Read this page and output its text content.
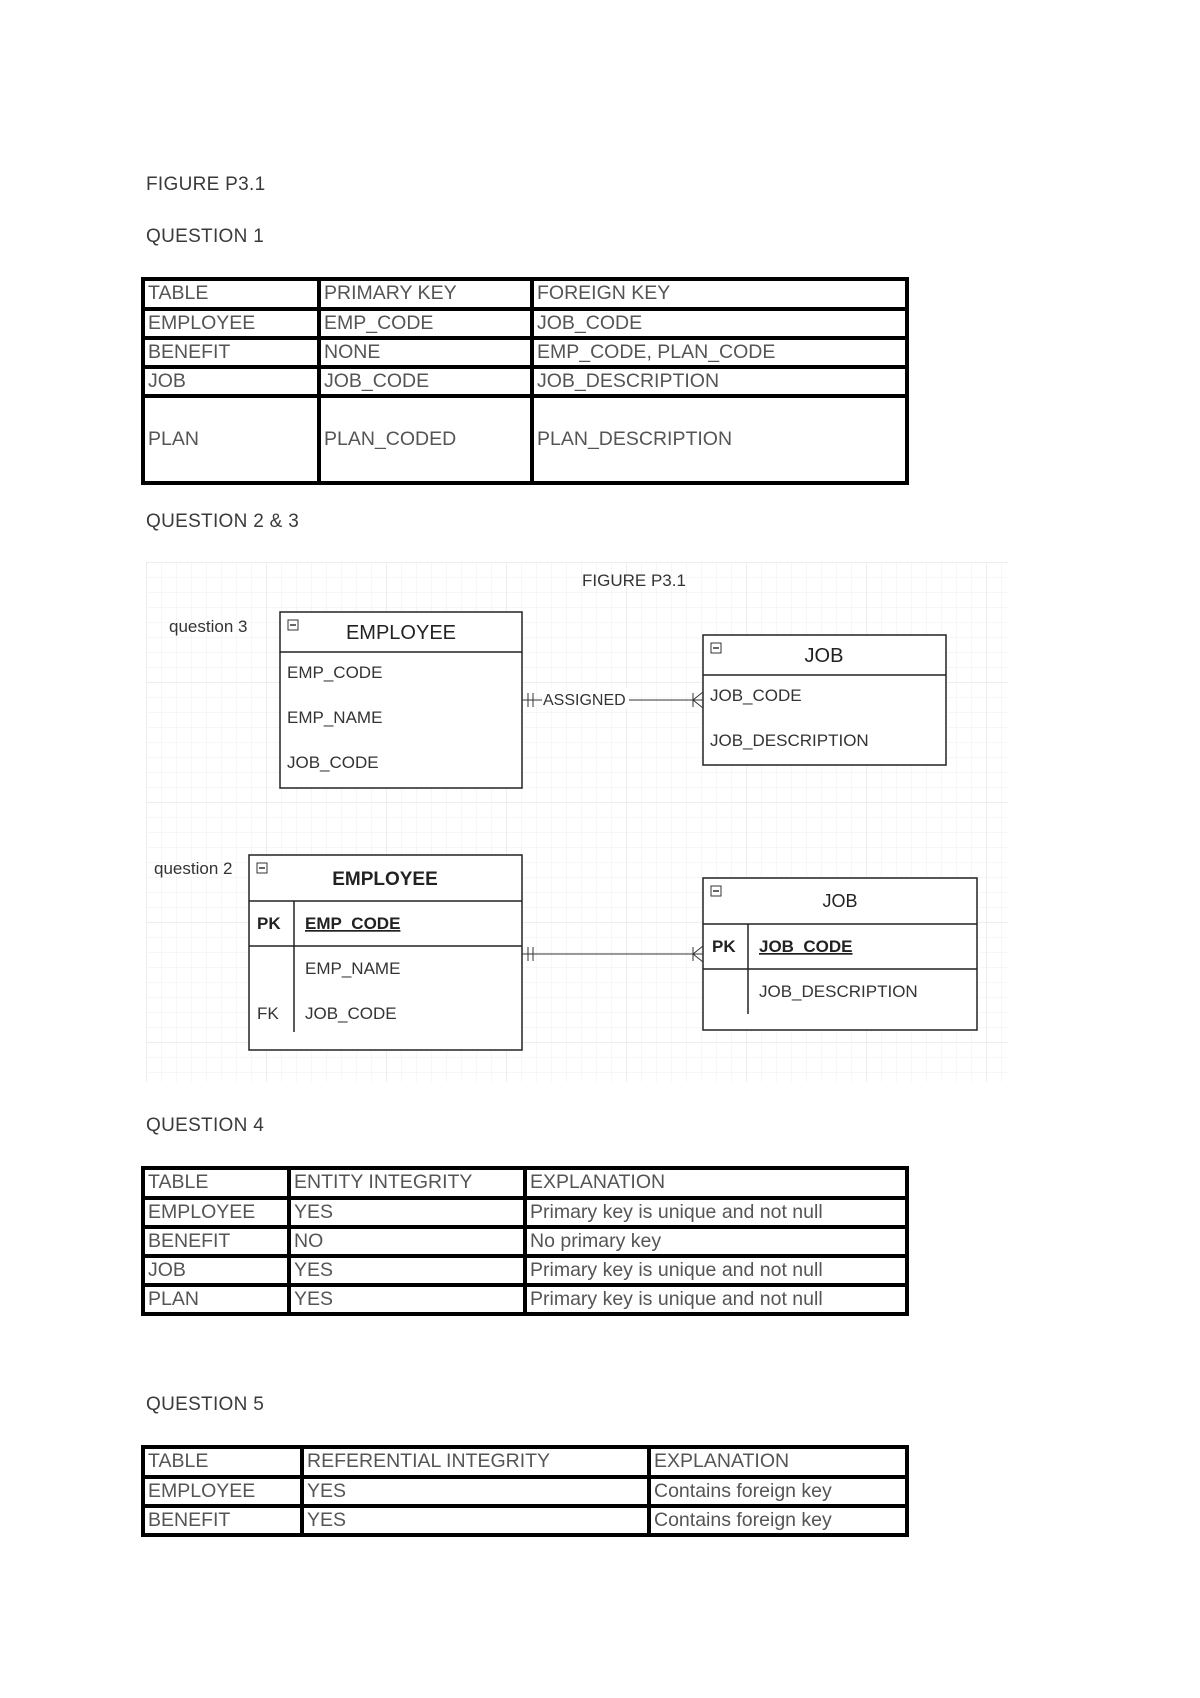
FIGURE P3.1
QUESTION 1
TABLE	PRIMARY KEY	FOREIGN KEY
EMPLOYEE	EMP_CODE	JOB_CODE
BENEFIT	NONE	EMP_CODE, PLAN_CODE
JOB	JOB_CODE	JOB_DESCRIPTION
PLAN	PLAN_CODED	PLAN_DESCRIPTION
QUESTION 2 & 3
FIGURE P3.1
question 3	EMPLOYEE
EMP_CODE
EMP_NAME
JOB_CODE
JOB
JOB_CODE
JOB_DESCRIPTION
ASSIGNED
question 2
EMPLOYEE
PK EMP_CODE
EMP_NAME
FK JOB_CODE
JOB
PK JOB_CODE
JOB_DESCRIPTION
QUESTION 4
TABLE	ENTITY INTEGRITY	EXPLANATION
EMPLOYEE	YES	Primary key is unique and not null
BENEFIT	NO	No primary key
JOB	YES	Primary key is unique and not null
PLAN	YES	Primary key is unique and not null
QUESTION 5
TABLE	REFERENTIAL INTEGRITY	EXPLANATION
EMPLOYEE	YES	Contains foreign key
BENEFIT	YES	Contains foreign key
